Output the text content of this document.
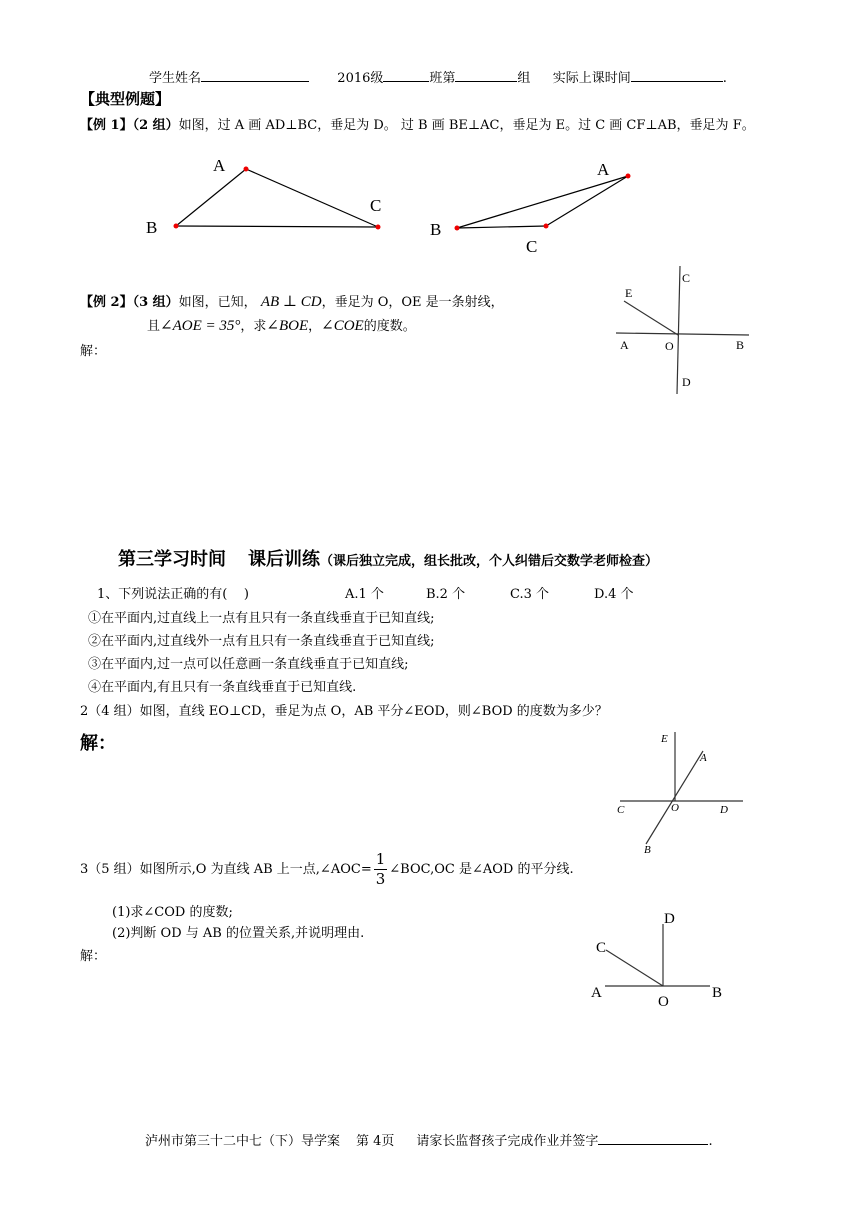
学生姓名	2016级	班第	组 实际上课时间	.
【典型例题】
【例 1】（2 组）如图，过 A 画 AD⊥BC，垂足为 D。 过 B 画 BE⊥AC，垂足为 E。过 C 画 CF⊥AB，垂足为 F。
A
B
C
A
B
C
【例 2】（3 组）如图，已知， AB ⊥ CD，垂足为 O，OE 是一条射线，
且∠AOE = 35°，求∠BOE，∠COE的度数。
解：
E
C
A	O	B
D
第三学习时间 课后训练（课后独立完成，组长批改，个人纠错后交数学老师检查）
1、下列说法正确的有(    )	A.1 个	B.2 个	C.3 个	D.4 个
①在平面内,过直线上一点有且只有一条直线垂直于已知直线;
②在平面内,过直线外一点有且只有一条直线垂直于已知直线;
③在平面内,过一点可以任意画一条直线垂直于已知直线;
④在平面内,有且只有一条直线垂直于已知直线.
2（4 组）如图，直线 EO⊥CD，垂足为点 O，AB 平分∠EOD，则∠BOD 的度数为多少？
解：	E
A
C	O	D
B
3（5 组）如图所示,O 为直线 AB 上一点,∠AOC= $\frac{1}{3}$ ∠BOC,OC 是∠AOD 的平分线.
(1)求∠COD 的度数;
(2)判断 OD 与 AB 的位置关系,并说明理由.
解：
D
C
A
O
B
泸州市第三十二中七（下）导学案 第 4页 请家长监督孩子完成作业并签字	.
